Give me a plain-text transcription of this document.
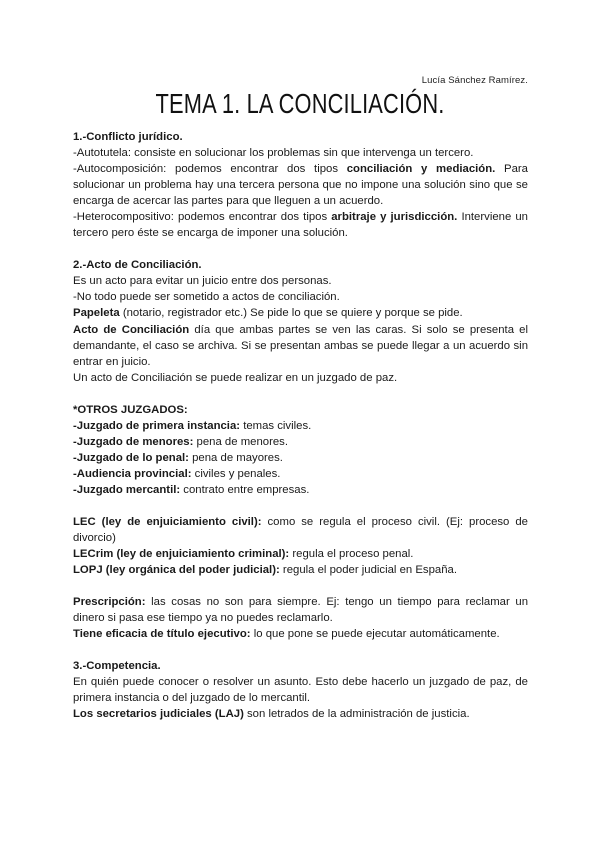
Lucía Sánchez Ramírez.
TEMA 1. LA CONCILIACIÓN.

1.-Conflicto jurídico.

-Autotutela: consiste en solucionar los problemas sin que intervenga un tercero.

-Autocomposición: podemos encontrar dos tipos conciliación y mediación. Para solucionar un problema hay una tercera persona que no impone una solución sino que se encarga de acercar las partes para que lleguen a un acuerdo.

-Heterocompositivo: podemos encontrar dos tipos arbitraje y jurisdicción. Interviene un tercero pero éste se encarga de imponer una solución.

2.-Acto de Conciliación.

Es un acto para evitar un juicio entre dos personas.

-No todo puede ser sometido a actos de conciliación.

Papeleta (notario, registrador etc.) Se pide lo que se quiere y porque se pide.

Acto de Conciliación día que ambas partes se ven las caras. Si solo se presenta el demandante, el caso se archiva. Si se presentan ambas se puede llegar a un acuerdo sin entrar en juicio.

Un acto de Conciliación se puede realizar en un juzgado de paz.

*OTROS JUZGADOS:

-Juzgado de primera instancia: temas civiles.

-Juzgado de menores: pena de menores.

-Juzgado de lo penal: pena de mayores.

-Audiencia provincial: civiles y penales.

-Juzgado mercantil: contrato entre empresas.

LEC (ley de enjuiciamiento civil): como se regula el proceso civil. (Ej: proceso de divorcio)

LECrim (ley de enjuiciamiento criminal): regula el proceso penal.

LOPJ (ley orgánica del poder judicial): regula el poder judicial en España.

Prescripción: las cosas no son para siempre. Ej: tengo un tiempo para reclamar un dinero si pasa ese tiempo ya no puedes reclamarlo.

Tiene eficacia de título ejecutivo: lo que pone se puede ejecutar automáticamente.

3.-Competencia.

En quién puede conocer o resolver un asunto. Esto debe hacerlo un juzgado de paz, de primera instancia o del juzgado de lo mercantil.

Los secretarios judiciales (LAJ) son letrados de la administración de justicia.
